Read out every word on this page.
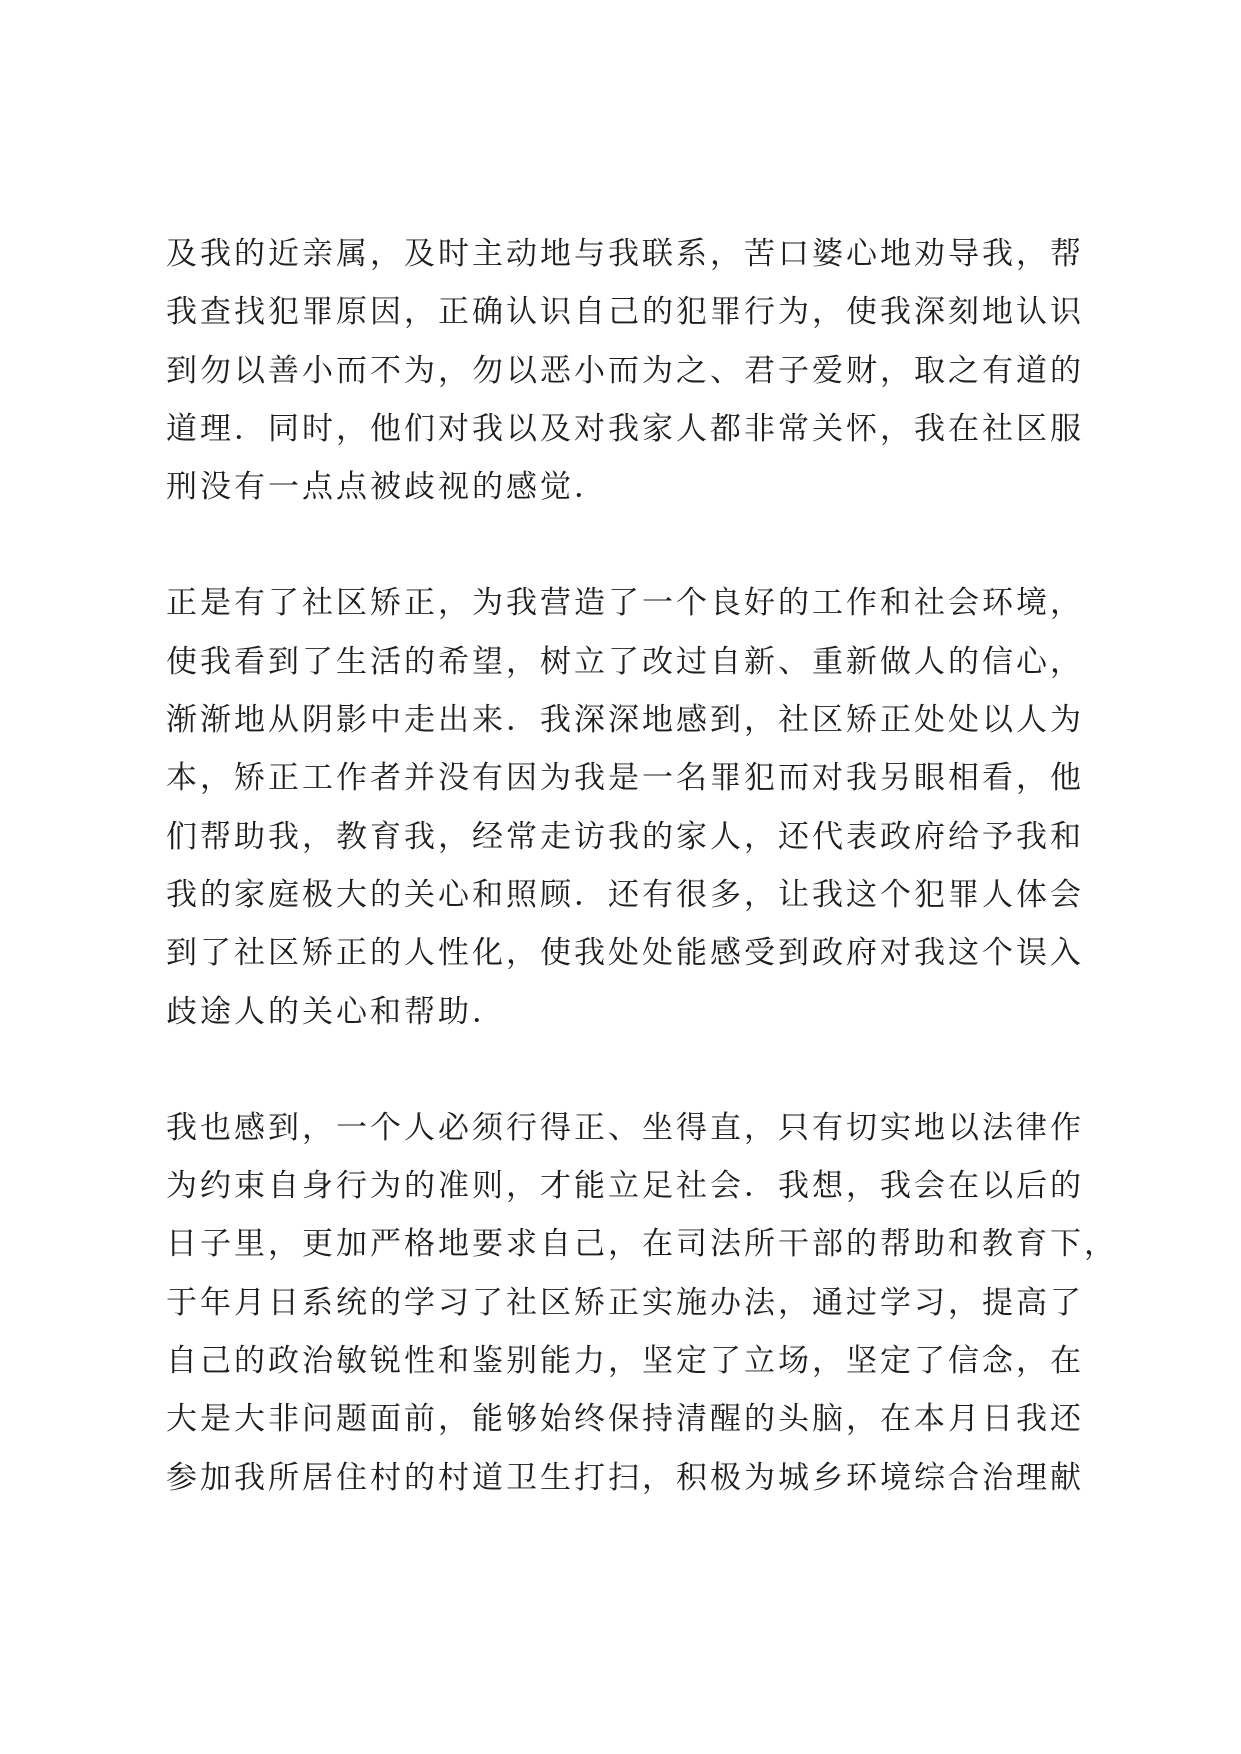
及我的近亲属，及时主动地与我联系，苦口婆心地劝导我，帮
我查找犯罪原因，正确认识自己的犯罪行为，使我深刻地认识
到勿以善小而不为，勿以恶小而为之、君子爱财，取之有道的
道理．同时，他们对我以及对我家人都非常关怀，我在社区服
刑没有一点点被歧视的感觉．

正是有了社区矫正，为我营造了一个良好的工作和社会环境，
使我看到了生活的希望，树立了改过自新、重新做人的信心，
渐渐地从阴影中走出来．我深深地感到，社区矫正处处以人为
本，矫正工作者并没有因为我是一名罪犯而对我另眼相看，他
们帮助我，教育我，经常走访我的家人，还代表政府给予我和
我的家庭极大的关心和照顾．还有很多，让我这个犯罪人体会
到了社区矫正的人性化，使我处处能感受到政府对我这个误入
歧途人的关心和帮助．

我也感到，一个人必须行得正、坐得直，只有切实地以法律作
为约束自身行为的准则，才能立足社会．我想，我会在以后的
日子里，更加严格地要求自己，在司法所干部的帮助和教育下，
于年月日系统的学习了社区矫正实施办法，通过学习，提高了
自己的政治敏锐性和鉴别能力，坚定了立场，坚定了信念，在
大是大非问题面前，能够始终保持清醒的头脑，在本月日我还
参加我所居住村的村道卫生打扫，积极为城乡环境综合治理献
